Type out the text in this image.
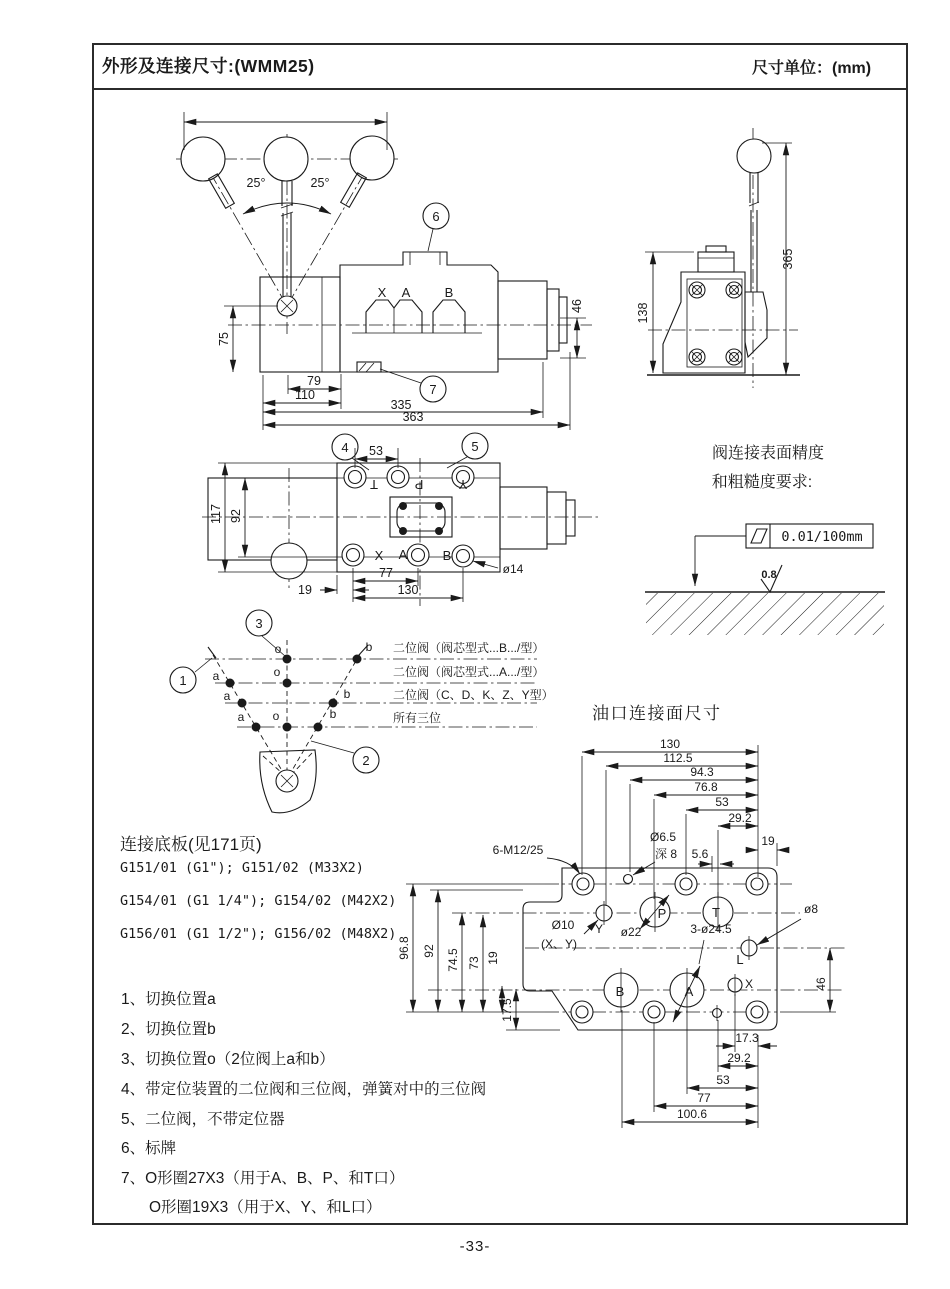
外形及连接尺寸:(WMM25)	尺寸单位：(mm)
25°	25°
X A	B
7
6
75
46
79
110
335
363
4	5
365
138
T	P	Y
X A	B
ø14
53
117 92
19
77
130
o	b
a	o
a	b
a o	b
二位阀（阀芯型式...B.../型）
二位阀（阀芯型式...A.../型）
二位阀（C、D、K、Z、Y型）
所有三位
1
2
3
阀连接表面精度
和粗糙度要求:
0.01/100mm
0.8
P	T
B	A
Y
L
X
130
112.5
94.3
76.8
53
29.2
19
5.6
6-M12/25
Ø6.5
深 8
Ø10
(X、Y)
ø22	3-ø24.5
ø8
96.8 92 74.5 73 19
17.5
46
17.3
29.2
53
77
100.6
油口连接面尺寸
连接底板(见171页)
G151/01 (G1"); G151/02 (M33X2)
G154/01 (G1 1/4"); G154/02 (M42X2)
G156/01 (G1 1/2"); G156/02 (M48X2)
1、切换位置a
2、切换位置b
3、切换位置o（2位阀上a和b）
4、带定位装置的二位阀和三位阀，弹簧对中的三位阀
5、二位阀，不带定位器
6、标牌
7、O形圈27X3（用于A、B、P、和T口）
O形圈19X3（用于X、Y、和L口）
-33-
